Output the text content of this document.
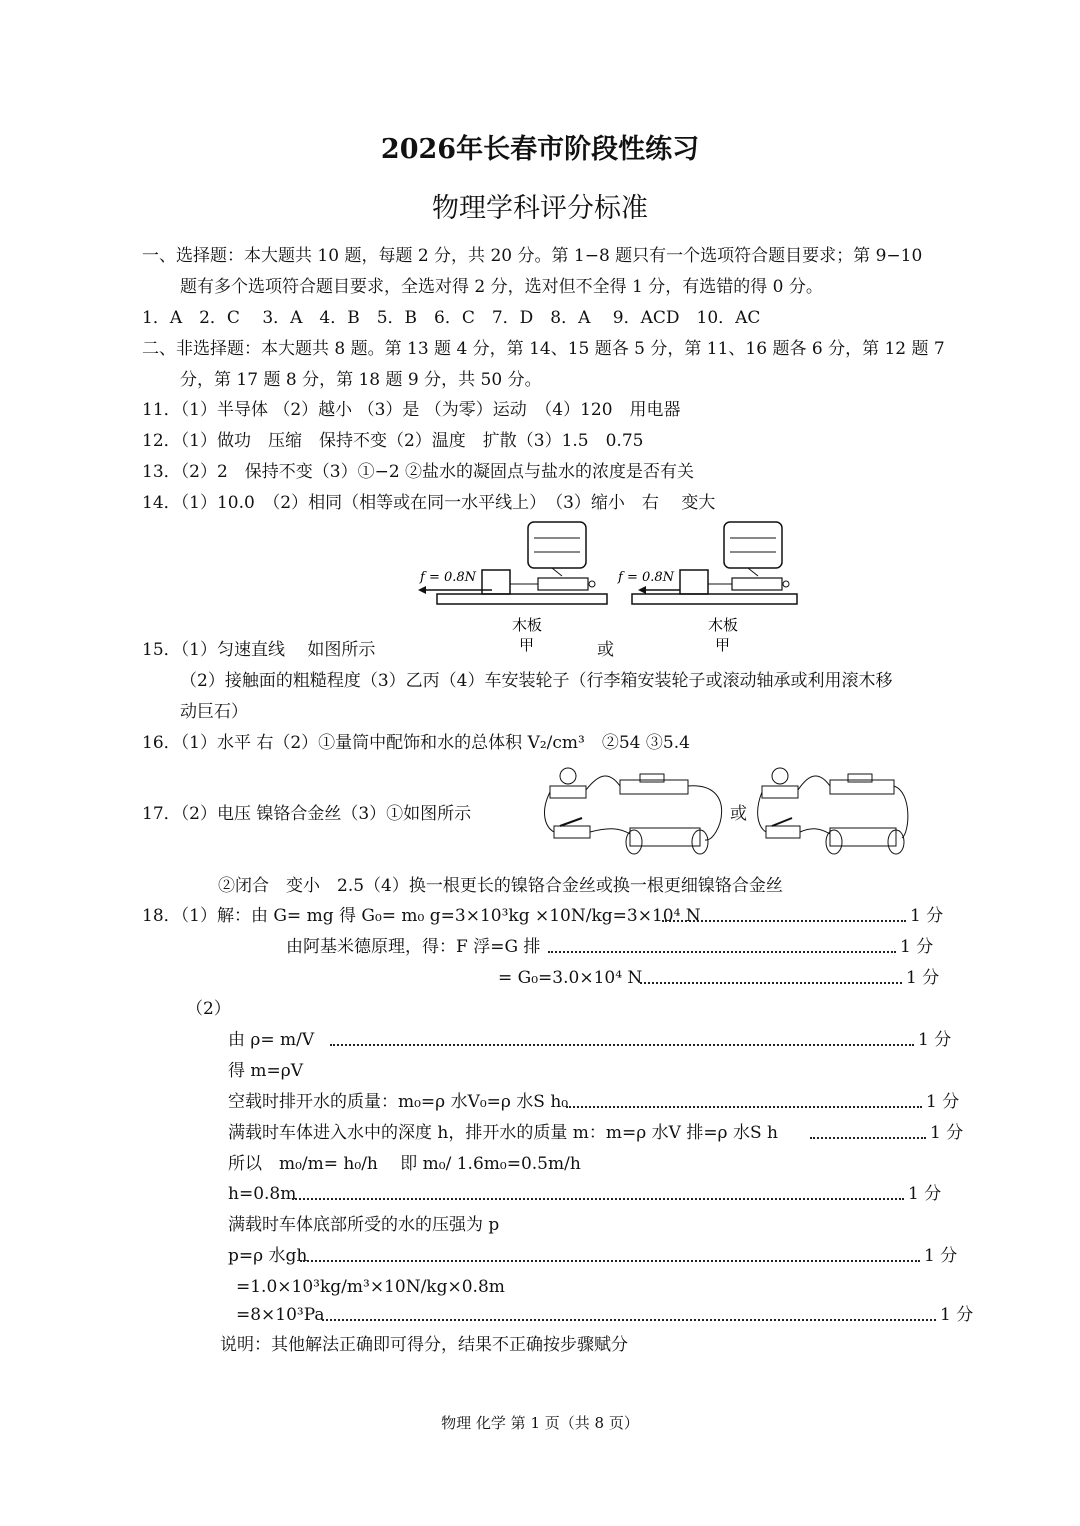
2026年长春市阶段性练习
物理学科评分标准
一、选择题：本大题共 10 题，每题 2 分，共 20 分。第 1−8 题只有一个选项符合题目要求；第 9−10
题有多个选项符合题目要求，全选对得 2 分，选对但不全得 1 分，有选错的得 0 分。
1．A　2．C　 3．A　4．B　5．B　6．C　7．D　8．A　 9．ACD　10．AC
二、非选择题：本大题共 8 题。第 13 题 4 分，第 14、15 题各 5 分，第 11、16 题各 6 分，第 12 题 7
分，第 17 题 8 分，第 18 题 9 分，共 50 分。
11．（1）半导体 （2）越小 （3）是 （为零）运动　（4）120　用电器
12．（1）做功　压缩　保持不变（2）温度　扩散（3）1.5　0.75
13．（2）2　保持不变（3）①−2 ②盐水的凝固点与盐水的浓度是否有关
14．（1）10.0　（2）相同（相等或在同一水平线上）　（3）缩小　右　 变大
f = 0.8N
木板
甲
f = 0.8N
木板
甲
或
15．（1）匀速直线　 如图所示
（2）接触面的粗糙程度（3）乙丙（4）车安装轮子（行李箱安装轮子或滚动轴承或利用滚木移
动巨石）
16．（1）水平 右（2）①量筒中配饰和水的总体积 V₂/cm³　②54 ③5.4
17．（2）电压 镍铬合金丝（3）①如图所示	或
②闭合　变小　2.5（4）换一根更长的镍铬合金丝或换一根更细镍铬合金丝
18．（1）解：由 G= mg 得 G₀= m₀ g=3×10³kg ×10N/kg=3×10⁴ N	1 分
由阿基米德原理，得：F 浮=G 排	1 分
= G₀=3.0×10⁴ N	1 分
（2）
由 ρ= m/V	1 分
得 m=ρV
空载时排开水的质量：m₀=ρ 水V₀=ρ 水S h₀	1 分
满载时车体进入水中的深度 h，排开水的质量 m：m=ρ 水V 排=ρ 水S h	1 分
所以　m₀/m= h₀/h　 即 m₀/ 1.6m₀=0.5m/h
h=0.8m	1 分
满载时车体底部所受的水的压强为 p
p=ρ 水gh	1 分
=1.0×10³kg/m³×10N/kg×0.8m
=8×10³Pa	1 分
说明：其他解法正确即可得分，结果不正确按步骤赋分
物理 化学 第 1 页（共 8 页）
